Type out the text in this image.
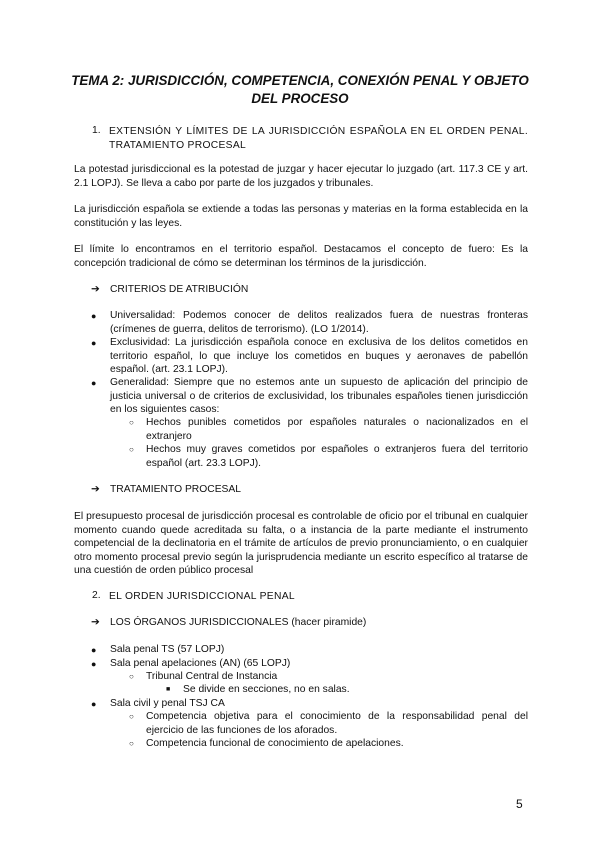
TEMA 2: JURISDICCIÓN, COMPETENCIA, CONEXIÓN PENAL Y OBJETO DEL PROCESO
1. EXTENSIÓN Y LÍMITES DE LA JURISDICCIÓN ESPAÑOLA EN EL ORDEN PENAL. TRATAMIENTO PROCESAL
La potestad jurisdiccional es la potestad de juzgar y hacer ejecutar lo juzgado (art. 117.3 CE y art. 2.1 LOPJ). Se lleva a cabo por parte de los juzgados y tribunales.
La jurisdicción española se extiende a todas las personas y materias en la forma establecida en la constitución y las leyes.
El límite lo encontramos en el territorio español. Destacamos el concepto de fuero: Es la concepción tradicional de cómo se determinan los términos de la jurisdicción.
➔ CRITERIOS DE ATRIBUCIÓN
● Universalidad: Podemos conocer de delitos realizados fuera de nuestras fronteras (crímenes de guerra, delitos de terrorismo). (LO 1/2014).
● Exclusividad: La jurisdicción española conoce en exclusiva de los delitos cometidos en territorio español, lo que incluye los cometidos en buques y aeronaves de pabellón español. (art. 23.1 LOPJ).
● Generalidad: Siempre que no estemos ante un supuesto de aplicación del principio de justicia universal o de criterios de exclusividad, los tribunales españoles tienen jurisdicción en los siguientes casos:
○ Hechos punibles cometidos por españoles naturales o nacionalizados en el extranjero
○ Hechos muy graves cometidos por españoles o extranjeros fuera del territorio español (art. 23.3 LOPJ).
➔ TRATAMIENTO PROCESAL
El presupuesto procesal de jurisdicción procesal es controlable de oficio por el tribunal en cualquier momento cuando quede acreditada su falta, o a instancia de la parte mediante el instrumento competencial de la declinatoria en el trámite de artículos de previo pronunciamiento, o en cualquier otro momento procesal previo según la jurisprudencia mediante un escrito específico al tratarse de una cuestión de orden público procesal
2. EL ORDEN JURISDICCIONAL PENAL
➔ LOS ÓRGANOS JURISDICCIONALES (hacer piramide)
● Sala penal TS (57 LOPJ)
● Sala penal apelaciones (AN) (65 LOPJ)
○ Tribunal Central de Instancia
■ Se divide en secciones, no en salas.
● Sala civil y penal TSJ CA
○ Competencia objetiva para el conocimiento de la responsabilidad penal del ejercicio de las funciones de los aforados.
○ Competencia funcional de conocimiento de apelaciones.
5
